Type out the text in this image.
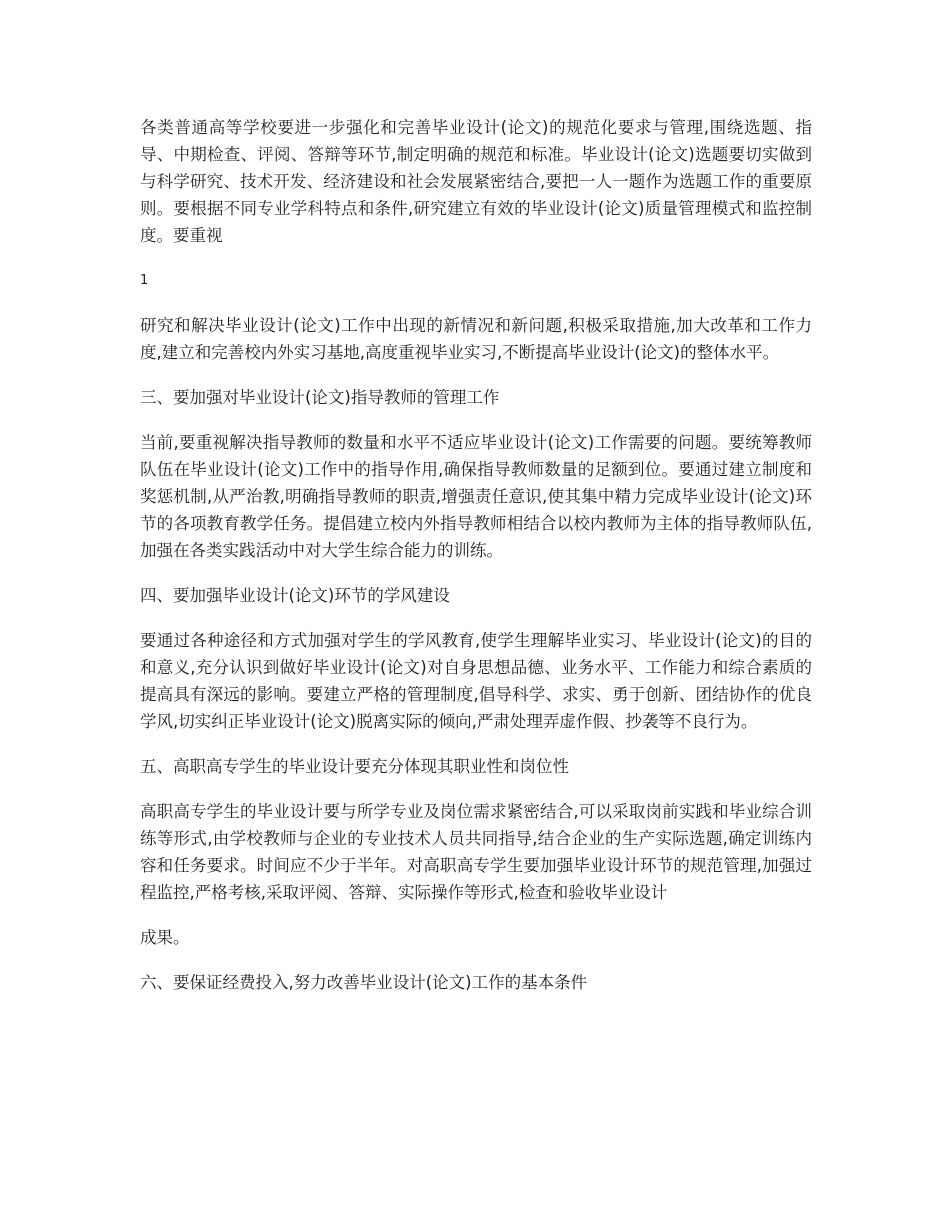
各类普通高等学校要进一步强化和完善毕业设计(论文)的规范化要求与管理,围绕选题、指导、中期检查、评阅、答辩等环节,制定明确的规范和标准。毕业设计(论文)选题要切实做到与科学研究、技术开发、经济建设和社会发展紧密结合,要把一人一题作为选题工作的重要原则。要根据不同专业学科特点和条件,研究建立有效的毕业设计(论文)质量管理模式和监控制度。要重视

1

研究和解决毕业设计(论文)工作中出现的新情况和新问题,积极采取措施,加大改革和工作力度,建立和完善校内外实习基地,高度重视毕业实习,不断提高毕业设计(论文)的整体水平。

三、要加强对毕业设计(论文)指导教师的管理工作

当前,要重视解决指导教师的数量和水平不适应毕业设计(论文)工作需要的问题。要统筹教师队伍在毕业设计(论文)工作中的指导作用,确保指导教师数量的足额到位。要通过建立制度和奖惩机制,从严治教,明确指导教师的职责,增强责任意识,使其集中精力完成毕业设计(论文)环节的各项教育教学任务。提倡建立校内外指导教师相结合以校内教师为主体的指导教师队伍,加强在各类实践活动中对大学生综合能力的训练。

四、要加强毕业设计(论文)环节的学风建设

要通过各种途径和方式加强对学生的学风教育,使学生理解毕业实习、毕业设计(论文)的目的和意义,充分认识到做好毕业设计(论文)对自身思想品德、业务水平、工作能力和综合素质的提高具有深远的影响。要建立严格的管理制度,倡导科学、求实、勇于创新、团结协作的优良学风,切实纠正毕业设计(论文)脱离实际的倾向,严肃处理弄虚作假、抄袭等不良行为。

五、高职高专学生的毕业设计要充分体现其职业性和岗位性

高职高专学生的毕业设计要与所学专业及岗位需求紧密结合,可以采取岗前实践和毕业综合训练等形式,由学校教师与企业的专业技术人员共同指导,结合企业的生产实际选题,确定训练内容和任务要求。时间应不少于半年。对高职高专学生要加强毕业设计环节的规范管理,加强过程监控,严格考核,采取评阅、答辩、实际操作等形式,检查和验收毕业设计

成果。

六、要保证经费投入,努力改善毕业设计(论文)工作的基本条件
